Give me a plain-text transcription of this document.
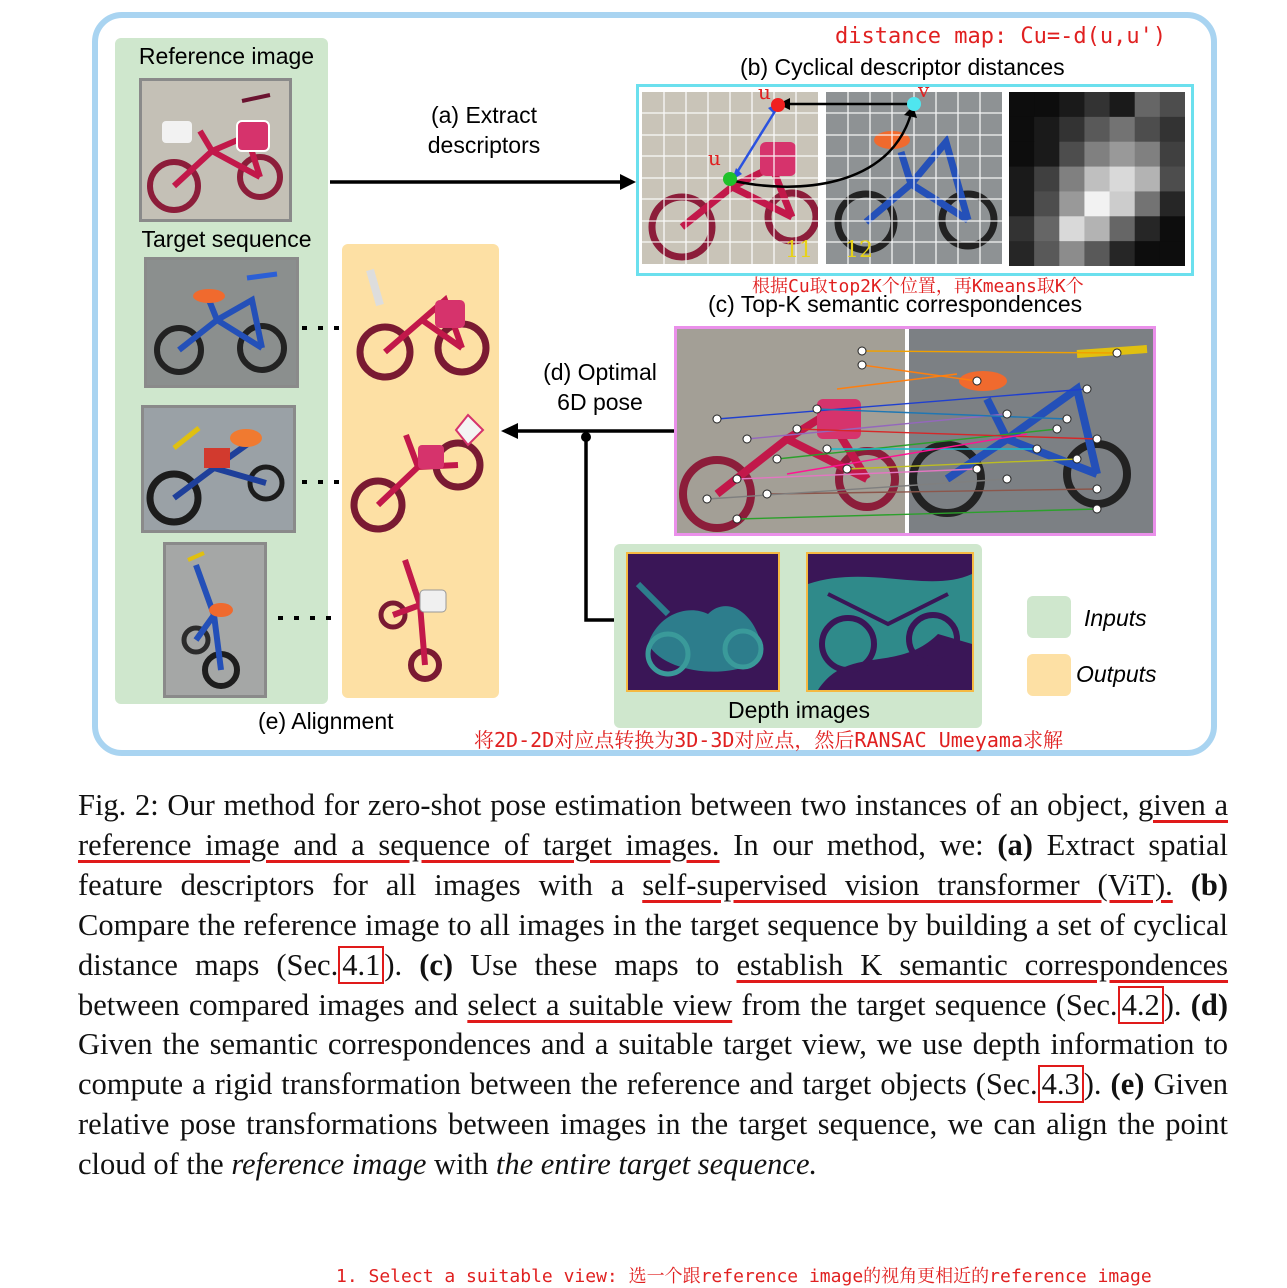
Reference image
Target sequence
(e) Alignment
(a) Extract
descriptors
distance map: Cu=-d(u,u')
(b) Cyclical descriptor distances
u	v
u
11 12
根据Cu取top2K个位置，再Kmeans取K个
(c) Top-K semantic correspondences
(d) Optimal
6D pose
Depth images
Inputs
Outputs
将2D-2D对应点转换为3D-3D对应点，然后RANSAC Umeyama求解

Fig. 2: Our method for zero-shot pose estimation between two instances of an object, given a reference image and a sequence of target images. In our method, we: (a) Extract spatial feature descriptors for all images with a self-supervised vision transformer (ViT). (b) Compare the reference image to all images in the target sequence by building a set of cyclical distance maps (Sec. 4.1 ). (c) Use these maps to establish K semantic correspondences between compared images and select a suitable view from the target sequence (Sec. 4.2 ). (d) Given the semantic correspondences and a suitable target view, we use depth information to compute a rigid transformation between the reference and target objects (Sec. 4.3 ). (e) Given relative pose transformations between images in the target sequence, we can align the point cloud of the reference image with the entire target sequence.

1. Select a suitable view: 选一个跟reference image的视角更相近的reference image
